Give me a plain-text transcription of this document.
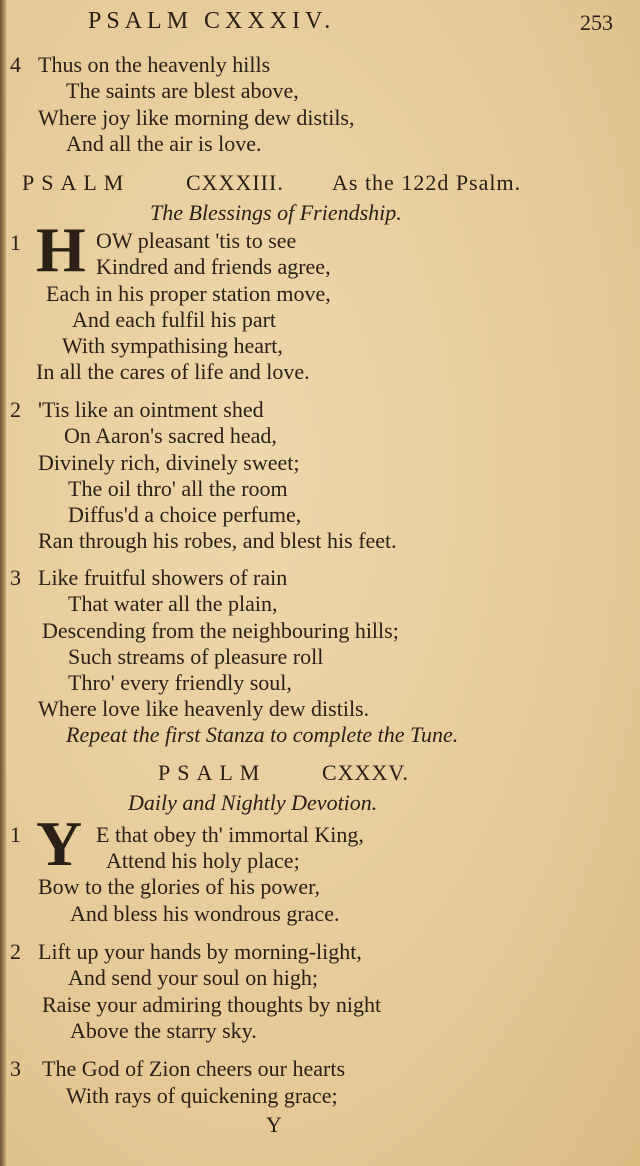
PSALM CXXXIV.	253
4 Thus on the heavenly hills
The saints are blest above,
Where joy like morning dew distils,
And all the air is love.
PSALM	CXXXIII. As the 122d Psalm.
The Blessings of Friendship.
1 H OW pleasant 'tis to see
Kindred and friends agree,
Each in his proper station move,
And each fulfil his part
With sympathising heart,
In all the cares of life and love.
2 'Tis like an ointment shed
On Aaron's sacred head,
Divinely rich, divinely sweet;
The oil thro' all the room
Diffus'd a choice perfume,
Ran through his robes, and blest his feet.
3 Like fruitful showers of rain
That water all the plain,
Descending from the neighbouring hills;
Such streams of pleasure roll
Thro' every friendly soul,
Where love like heavenly dew distils.
Repeat the first Stanza to complete the Tune.
PSALM	CXXXV.
Daily and Nightly Devotion.
1 Y E that obey th' immortal King,
Attend his holy place;
Bow to the glories of his power,
And bless his wondrous grace.
2 Lift up your hands by morning-light,
And send your soul on high;
Raise your admiring thoughts by night
Above the starry sky.
3 The God of Zion cheers our hearts
With rays of quickening grace;
Y
